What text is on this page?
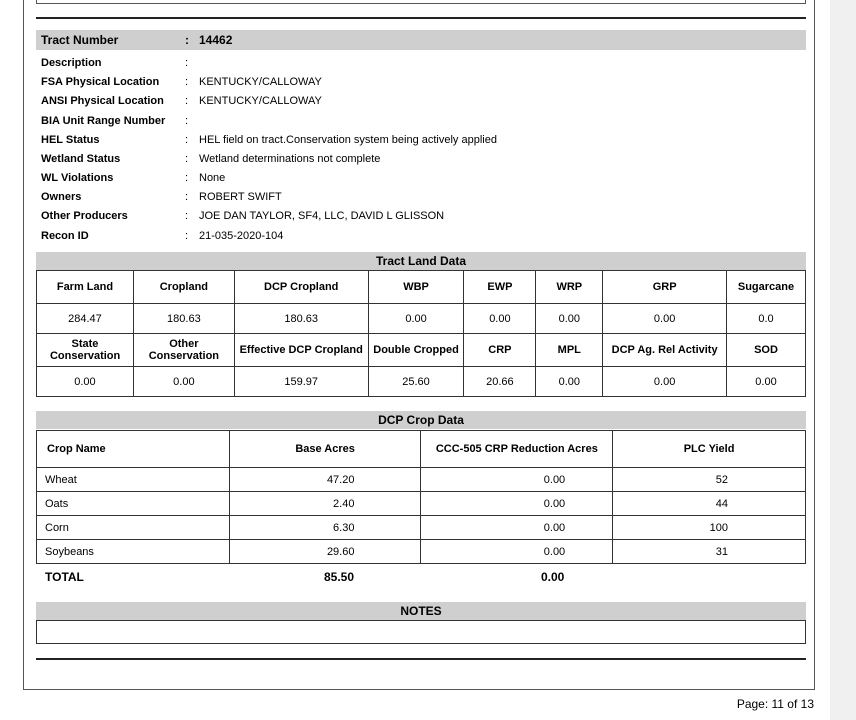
Tract Number	: 14462
Description	:
FSA Physical Location : KENTUCKY/CALLOWAY
ANSI Physical Location : KENTUCKY/CALLOWAY
BIA Unit Range Number :
HEL Status	: HEL field on tract.Conservation system being actively applied
Wetland Status	: Wetland determinations not complete
WL Violations	: None
Owners	: ROBERT SWIFT
Other Producers	: JOE DAN TAYLOR, SF4, LLC, DAVID L GLISSON
Recon ID	: 21-035-2020-104
Tract Land Data
Farm Land	Cropland	DCP Cropland	WBP	EWP	WRP	GRP	Sugarcane
284.47	180.63	180.63	0.00	0.00	0.00	0.00	0.0
State Conservation	Other Conservation	Effective DCP Cropland	Double Cropped	CRP	MPL	DCP Ag. Rel Activity	SOD
0.00	0.00	159.97	25.60	20.66	0.00	0.00	0.00
DCP Crop Data
Crop Name	Base Acres	CCC-505 CRP Reduction Acres	PLC Yield
Wheat	47.20	0.00	52
Oats	2.40	0.00	44
Corn	6.30	0.00	100
Soybeans	29.60	0.00	31
TOTAL	85.50	0.00
NOTES
Page: 11 of 13
